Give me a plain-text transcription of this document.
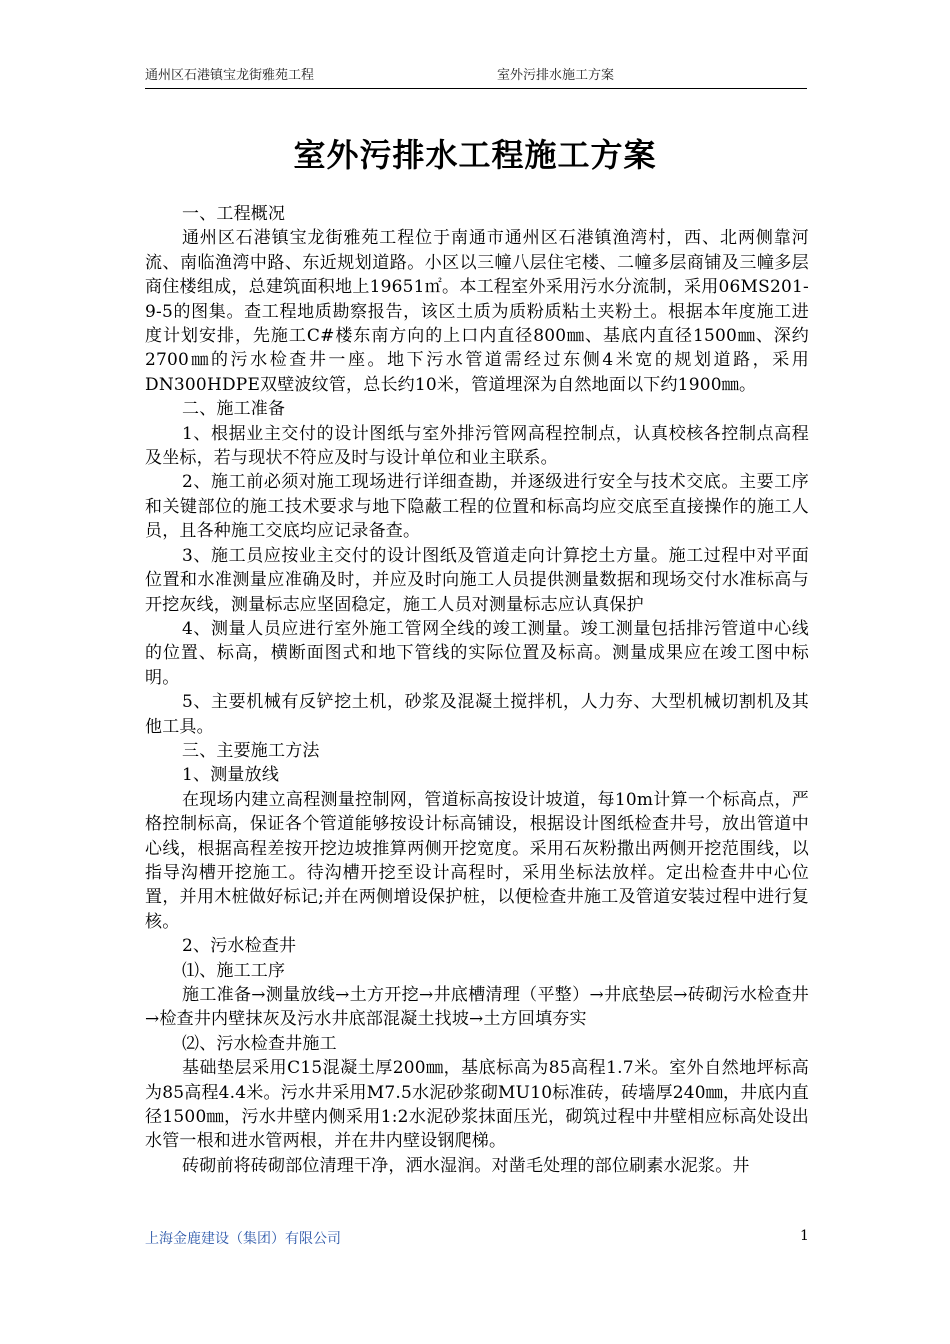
通州区石港镇宝龙街雅苑工程	室外污排水施工方案
室外污排水工程施工方案

一、工程概况

通州区石港镇宝龙街雅苑工程位于南通市通州区石港镇渔湾村，西、北两侧靠河流、南临渔湾中路、东近规划道路。小区以三幢八层住宅楼、二幢多层商铺及三幢多层商住楼组成，总建筑面积地上19651㎡。本工程室外采用污水分流制，采用06MS201-9-5的图集。查工程地质勘察报告，该区土质为质粉质粘土夹粉土。根据本年度施工进度计划安排，先施工C#楼东南方向的上口内直径800㎜、基底内直径1500㎜、深约2700㎜的污水检查井一座。地下污水管道需经过东侧4米宽的规划道路，采用DN300HDPE双壁波纹管，总长约10米，管道埋深为自然地面以下约1900㎜。

二、施工准备

1、根据业主交付的设计图纸与室外排污管网高程控制点，认真校核各控制点高程及坐标，若与现状不符应及时与设计单位和业主联系。

2、施工前必须对施工现场进行详细查勘，并逐级进行安全与技术交底。主要工序和关键部位的施工技术要求与地下隐蔽工程的位置和标高均应交底至直接操作的施工人员，且各种施工交底均应记录备查。

3、施工员应按业主交付的设计图纸及管道走向计算挖土方量。施工过程中对平面位置和水准测量应准确及时，并应及时向施工人员提供测量数据和现场交付水准标高与开挖灰线，测量标志应坚固稳定，施工人员对测量标志应认真保护

4、测量人员应进行室外施工管网全线的竣工测量。竣工测量包括排污管道中心线的位置、标高，横断面图式和地下管线的实际位置及标高。测量成果应在竣工图中标明。

5、主要机械有反铲挖土机，砂浆及混凝土搅拌机，人力夯、大型机械切割机及其他工具。

三、主要施工方法

1、测量放线

在现场内建立高程测量控制网，管道标高按设计坡道，每10m计算一个标高点，严格控制标高，保证各个管道能够按设计标高铺设，根据设计图纸检查井号，放出管道中心线，根据高程差按开挖边坡推算两侧开挖宽度。采用石灰粉撒出两侧开挖范围线，以指导沟槽开挖施工。待沟槽开挖至设计高程时，采用坐标法放样。定出检查井中心位置，并用木桩做好标记;并在两侧增设保护桩，以便检查井施工及管道安装过程中进行复核。

2、污水检查井

⑴、施工工序

施工准备→测量放线→土方开挖→井底槽清理（平整）→井底垫层→砖砌污水检查井→检查井内壁抹灰及污水井底部混凝土找坡→土方回填夯实

⑵、污水检查井施工

基础垫层采用C15混凝土厚200㎜，基底标高为85高程1.7米。室外自然地坪标高为85高程4.4米。污水井采用M7.5水泥砂浆砌MU10标准砖，砖墙厚240㎜，井底内直径1500㎜，污水井壁内侧采用1:2水泥砂浆抹面压光，砌筑过程中井壁相应标高处设出水管一根和进水管两根，并在井内壁设钢爬梯。

砖砌前将砖砌部位清理干净，洒水湿润。对凿毛处理的部位刷素水泥浆。井

上海金鹿建设（集团）有限公司	1
